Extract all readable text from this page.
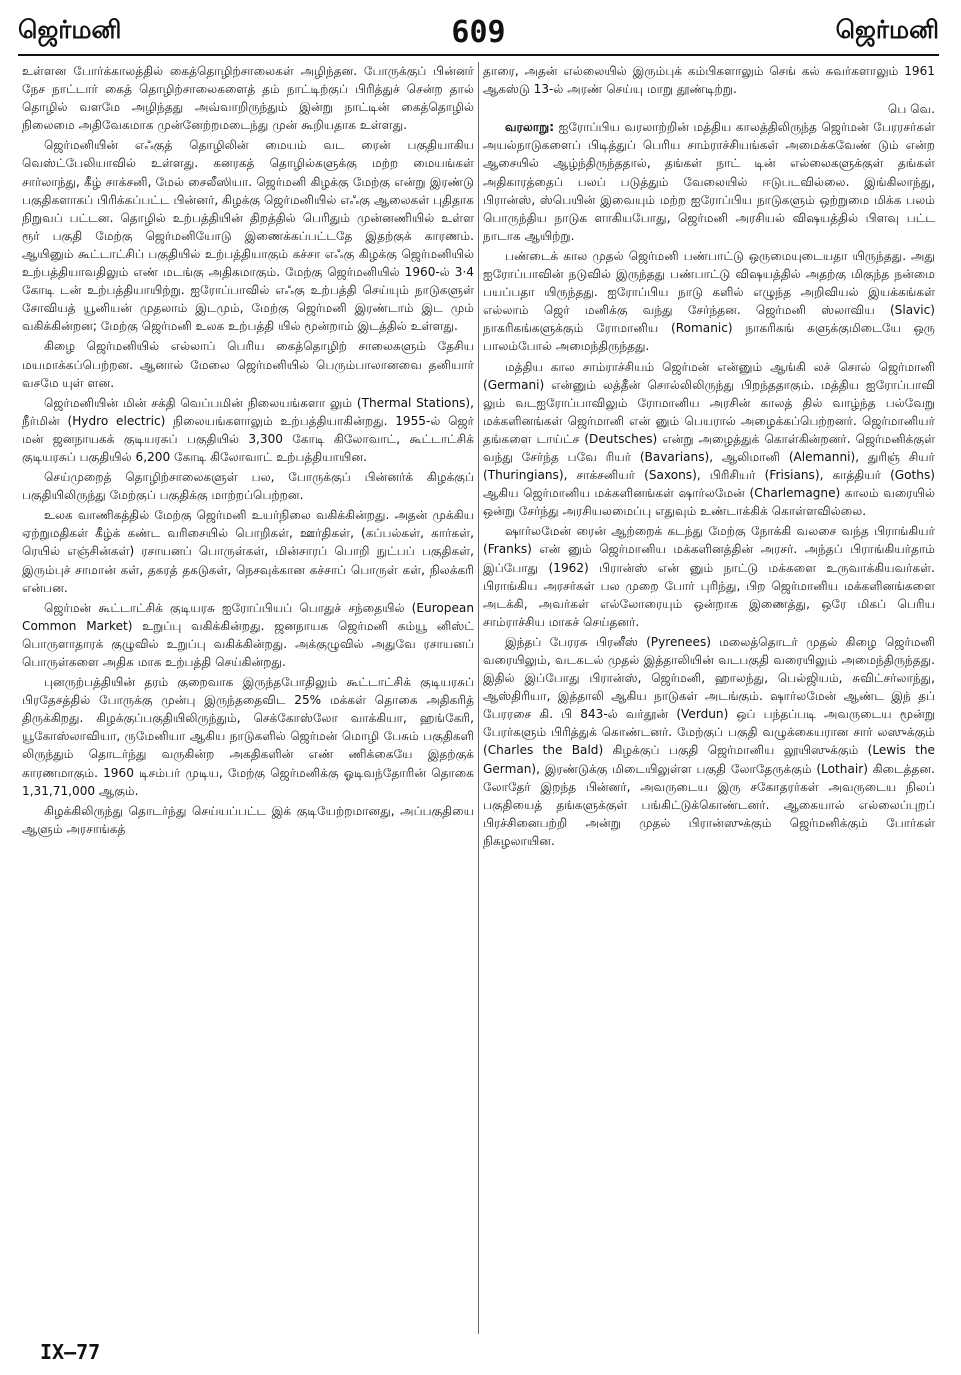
ஜெர்மனி	609	ஜெர்மனி

உள்ளன போர்க்காலத்தில் கைத்தொழிற்சாலைகள் அழிந்தன. போருக்குப் பின்னர் நேச நாட்டார் கைத் தொழிற்சாலைகளைத் தம் நாட்டிற்குப் பிரித்துச் சென்ற தால் தொழில் வளமே அழிந்தது அவ்வாறிருந்தும் இன்று நாட்டின் கைத்தொழில் நிலைமை அதிவேகமாக முன்னேற்றமடைந்து முன் கூறியதாக உள்ளது.

ஜெர்மனியின் எஃகுத் தொழிலின் மையம் வட ரைன் பகுதியாகிய வெஸ்ட்பேலியாவில் உள்ளது. கனரகத் தொழில்களுக்கு மற்ற மையங்கள் சார்லாந்து, கீழ் சாக்சனி, மேல் சைலீஸியா. ஜெர்மனி கிழக்கு மேற்கு என்று இரண்டு பகுதிகளாகப் பிரிக்கப்பட்ட பின்னர், கிழக்கு ஜெர்மனியில் எஃகு ஆலைகள் புதிதாக நிறுவப் பட்டன. தொழில் உற்பத்தியின் திறத்தில் பெரிதும் முன்னணியில் உள்ள ரூர் பகுதி மேற்கு ஜெர்மனியோடு இணைக்கப்பட்டதே இதற்குக் காரணம். ஆயினும் கூட்டாட்சிப் பகுதியில் உற்பத்தியாகும் கச்சா எஃகு கிழக்கு ஜெர்மனியில் உற்பத்தியாவதிலும் எண் மடங்கு அதிகமாகும். மேற்கு ஜெர்மனியில் 1960-ல் 3·4 கோடி டன் உற்பத்தியாயிற்று. ஐரோப்பாவில் எஃகு உற்பத்தி செய்யும் நாடுகளுள் சோவியத் யூனியன் முதலாம் இடமும், மேற்கு ஜெர்மனி இரண்டாம் இட மும் வகிக்கின்றன; மேற்கு ஜெர்மனி உலக உற்பத்தி யில் மூன்றாம் இடத்தில் உள்ளது.

கிழை ஜெர்மனியில் எல்லாப் பெரிய கைத்தொழிற் சாலைகளும் தேசிய மயமாக்கப்பெற்றன. ஆனால் மேலை ஜெர்மனியில் பெரும்பாலானவை தனியார் வசமே யுள் ளன.

ஜெர்மனியின் மின் சக்தி வெப்பமின் நிலையங்களா லும் (Thermal Stations), நீர்மின் (Hydro electric) நிலையங்களாலும் உற்பத்தியாகின்றது. 1955-ல் ஜெர் மன் ஜனநாயகக் குடியரசுப் பகுதியில் 3,300 கோடி கிலோவாட், கூட்டாட்சிக் குடியரசுப் பகுதியில் 6,200 கோடி கிலோவாட் உற்பத்தியாயின.

செய்முறைத் தொழிற்சாலைகளுள் பல, போருக்குப் பின்னர்க் கிழக்குப் பகுதியிலிருந்து மேற்குப் பகுதிக்கு மாற்றப்பெற்றன.

உலக வாணிகத்தில் மேற்கு ஜெர்மனி உயர்நிலை வகிக்கின்றது. அதன் முக்கிய ஏற்றுமதிகள் கீழ்க் கண்ட வரிசையில் பொறிகள், ஊர்திகள், (கப்பல்கள், கார்கள், ரெயில் எஞ்சின்கள்) ரசாயனப் பொருள்கள், மின்சாரப் பொறி நுட்பப் பகுதிகள், இரும்புச் சாமான் கள், தகரத் தகடுகள், நெசவுக்கான கச்சாப் பொருள் கள், நிலக்கரி என்பன.

ஜெர்மன் கூட்டாட்சிக் குடியரசு ஐரோப்பியப் பொதுச் சந்தையில் (European Common Market) உறுப்பு வகிக்கின்றது. ஜனநாயக ஜெர்மனி கம்யூ னிஸ்ட் பொருளாதாரக் குழுவில் உறுப்பு வகிக்கின்றது. அக்குழுவில் அதுவே ரசாயனப் பொருள்களை அதிக மாக உற்பத்தி செய்கின்றது.

புனருற்பத்தியின் தரம் குறைவாக இருந்தபோதிலும் கூட்டாட்சிக் குடியரசுப் பிரதேசத்தில் போருக்கு முன்பு இருந்ததைவிட 25% மக்கள் தொகை அதிகரித் திருக்கிறது. கிழக்குப்பகுதியிலிருந்தும், செக்கோஸ்லோ வாக்கியா, ஹங்கேரி, யூகோஸ்லாவியா, ருமேனியா ஆகிய நாடுகளில் ஜெர்மன் மொழி பேசும் பகுதிகளி லிருந்தும் தொடர்ந்து வருகின்ற அகதிகளின் எண் ணிக்கையே இதற்குக் காரணமாகும். 1960 டிசம்பர் முடிய, மேற்கு ஜெர்மனிக்கு ஓடிவந்தோரின் தொகை 1,31,71,000 ஆகும்.

கிழக்கிலிருந்து தொடர்ந்து செய்யப்பட்ட இக் குடியேற்றமானது, அப்பகுதியை ஆளும் அரசாங்கத்

தாரை, அதன் எல்லையில் இரும்புக் கம்பிகளாலும் செங் கல் சுவர்களாலும் 1961 ஆகஸ்டு 13-ல் அரண் செய்யு மாறு தூண்டிற்று.

பெ வெ.

வரலாறு: ஐரோப்பிய வரலாற்றின் மத்திய காலத்திலிருந்த ஜெர்மன் பேரரசர்கள் அயல்நாடுகளைப் பிடித்துப் பெரிய சாம்ராச்சியங்கள் அமைக்கவேண் டும் என்ற ஆசையில் ஆழ்ந்திருந்ததால், தங்கள் நாட் டின் எல்லைகளுக்குள் தங்கள் அதிகாரத்தைப் பலப் படுத்தும் வேலையில் ஈடுபடவில்லை. இங்கிலாந்து, பிரான்ஸ், ஸ்பெயின் இவையும் மற்ற ஐரோப்பிய நாடுகளும் ஒற்றுமை மிக்க பலம் பொருந்திய நாடுக ளாகியபோது, ஜெர்மனி அரசியல் விஷயத்தில் பிளவு பட்ட நாடாக ஆயிற்று.

பண்டைக் கால முதல் ஜெர்மனி பண்பாட்டு ஒருமையுடையதா யிருந்தது. அது ஐரோப்பாவின் நடுவில் இருந்தது பண்பாட்டு விஷயத்தில் அதற்கு மிகுந்த நன்மை பயப்பதா யிருந்தது. ஐரோப்பிய நாடு களில் எழுந்த அறிவியல் இயக்கங்கள் எல்லாம் ஜெர் மனிக்கு வந்து சேர்ந்தன. ஜெர்மனி ஸ்லாவிய (Slavic) நாகரிகங்களுக்கும் ரோமானிய (Romanic) நாகரிகங் களுக்குமிடையே ஒரு பாலம்போல் அமைந்திருந்தது.

மத்திய கால சாம்ராச்சியம் ஜெர்மன் என்னும் ஆங்கி லச் சொல் ஜெர்மானி (Germani) என்னும் லத்தீன் சொல்லிலிருந்து பிறந்ததாகும். மத்திய ஐரோப்பாவி லும் வடஐரோப்பாவிலும் ரோமானிய அரசின் காலத் தில் வாழ்ந்த பல்வேறு மக்களினங்கள் ஜெர்மானி என் னும் பெயரால் அழைக்கப்பெற்றனர். ஜெர்மானியர் தங்களை டாய்ட்ச (Deutsches) என்று அழைத்துக் கொள்கின்றனர். ஜெர்மனிக்குள் வந்து சேர்ந்த பவே ரியர் (Bavarians), ஆலிமானி (Alemanni), துரிஞ் சியர் (Thuringians), சாக்சனியர் (Saxons), பிரிசியர் (Frisians), காத்தியர் (Goths) ஆகிய ஜெர்மானிய மக்களினங்கள் ஷார்லமேன் (Charlemagne) காலம் வரையில் ஒன்று சேர்ந்து அரசியலமைப்பு எதுவும் உண்டாக்கிக் கொள்ளவில்லை.

ஷார்லமேன் ரைன் ஆற்றைக் கடந்து மேற்கு நோக்கி வலசை வந்த பிராங்கியர் (Franks) என் னும் ஜெர்மானிய மக்களினத்தின் அரசர். அந்தப் பிராங்கியர்தாம் இப்போது (1962) பிரான்ஸ் என் னும் நாட்டு மக்களை உருவாக்கியவர்கள். பிராங்கிய அரசர்கள் பல முறை போர் புரிந்து, பிற ஜெர்மானிய மக்களினங்களை அடக்கி, அவர்கள் எல்லோரையும் ஒன்றாக இணைத்து, ஒரே மிகப் பெரிய சாம்ராச்சிய மாகச் செய்தனர்.

இந்தப் பேரரசு பிரனீஸ் (Pyrenees) மலைத்தொடர் முதல் கிழை ஜெர்மனி வரையிலும், வடகடல் முதல் இத்தாலியின் வடபகுதி வரையிலும் அமைந்திருந்தது. இதில் இப்போது பிரான்ஸ், ஜெர்மனி, ஹாலந்து, பெல்ஜியம், சுவிட்சர்லாந்து, ஆஸ்திரியா, இத்தாலி ஆகிய நாடுகள் அடங்கும். ஷார்லமேன் ஆண்ட இந் தப் பேரரசை கி. பி 843-ல் வர்தூன் (Verdun) ஒப் பந்தப்படி அவருடைய மூன்று பேரர்களும் பிரித்துக் கொண்டனர். மேற்குப் பகுதி வழுக்கையரான சார் லஸுக்கும் (Charles the Bald) கிழக்குப் பகுதி ஜெர்மானிய லூயிஸுக்கும் (Lewis the German), இரண்டுக்கு மிடையிலுள்ள பகுதி லோதேருக்கும் (Lothair) கிடைத்தன. லோதேர் இறந்த பின்னர், அவருடைய இரு சகோதரர்கள் அவருடைய நிலப் பகுதியைத் தங்களுக்குள் பங்கிட்டுக்கொண்டனர். ஆகையால் எல்லைப்புறப் பிரச்சினைபற்றி அன்று முதல் பிரான்ஸுக்கும் ஜெர்மனிக்கும் போர்கள் நிகழலாயின.

IX—77
